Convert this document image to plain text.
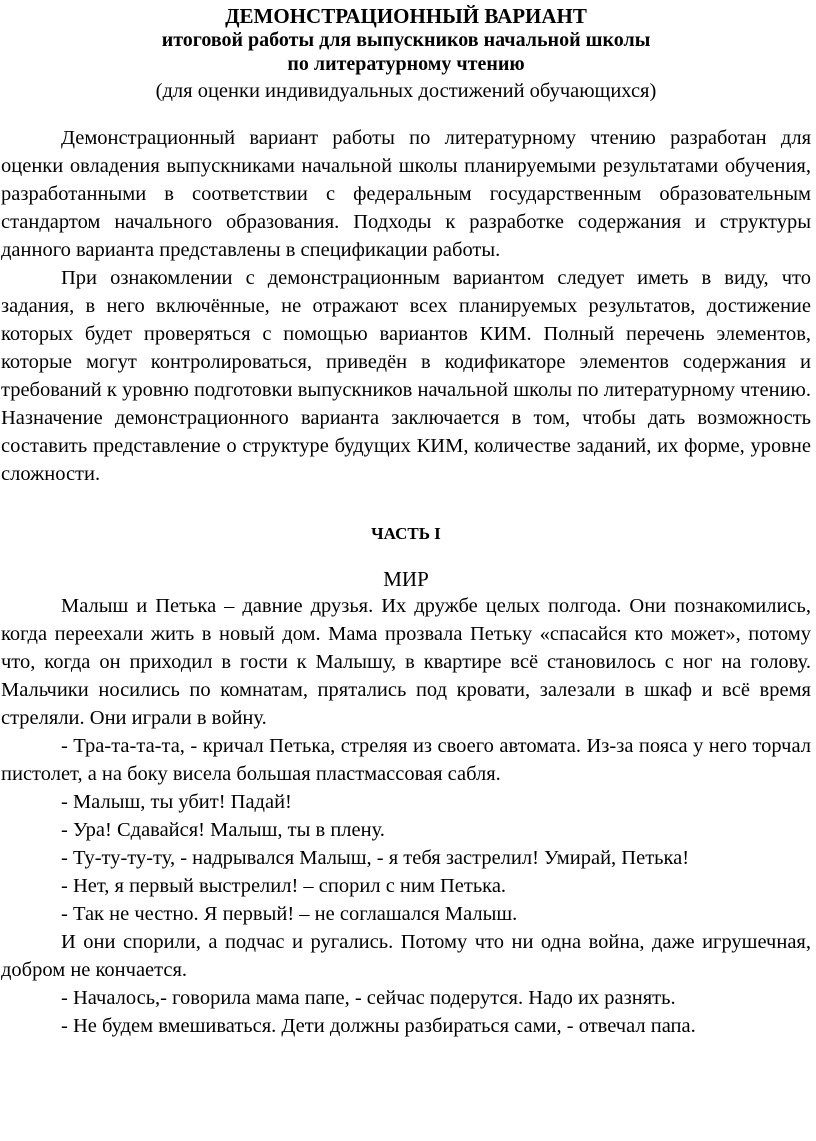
ДЕМОНСТРАЦИОННЫЙ ВАРИАНТ

итоговой работы для выпускников начальной школы

по литературному чтению

(для оценки индивидуальных достижений обучающихся)

Демонстрационный вариант работы по литературному чтению разработан для оценки овладения выпускниками начальной школы планируемыми результатами обучения, разработанными в соответствии с федеральным государственным образовательным стандартом начального образования. Подходы к разработке содержания и структуры данного варианта представлены в спецификации работы.

При ознакомлении с демонстрационным вариантом следует иметь в виду, что задания, в него включённые, не отражают всех планируемых результатов, достижение которых будет проверяться с помощью вариантов КИМ. Полный перечень элементов, которые могут контролироваться, приведён в кодификаторе элементов содержания и требований к уровню подготовки выпускников начальной школы по литературному чтению. Назначение демонстрационного варианта заключается в том, чтобы дать возможность составить представление о структуре будущих КИМ, количестве заданий, их форме, уровне сложности.

ЧАСТЬ I

МИР

Малыш и Петька – давние друзья. Их дружбе целых полгода. Они познакомились, когда переехали жить в новый дом. Мама прозвала Петьку «спасайся кто может», потому что, когда он приходил в гости к Малышу, в квартире всё становилось с ног на голову. Мальчики носились по комнатам, прятались под кровати, залезали в шкаф и всё время стреляли. Они играли в войну.

- Тра-та-та-та, - кричал Петька, стреляя из своего автомата. Из-за пояса у него торчал пистолет, а на боку висела большая пластмассовая сабля.

- Малыш, ты убит! Падай!

- Ура! Сдавайся! Малыш, ты в плену.

- Ту-ту-ту-ту, - надрывался Малыш, - я тебя застрелил! Умирай, Петька!

- Нет, я первый выстрелил! – спорил с ним Петька.

- Так не честно. Я первый! – не соглашался Малыш.

И они спорили, а подчас и ругались. Потому что ни одна война, даже игрушечная, добром не кончается.

- Началось,- говорила мама папе, - сейчас подерутся. Надо их разнять.

- Не будем вмешиваться. Дети должны разбираться сами, - отвечал папа.
